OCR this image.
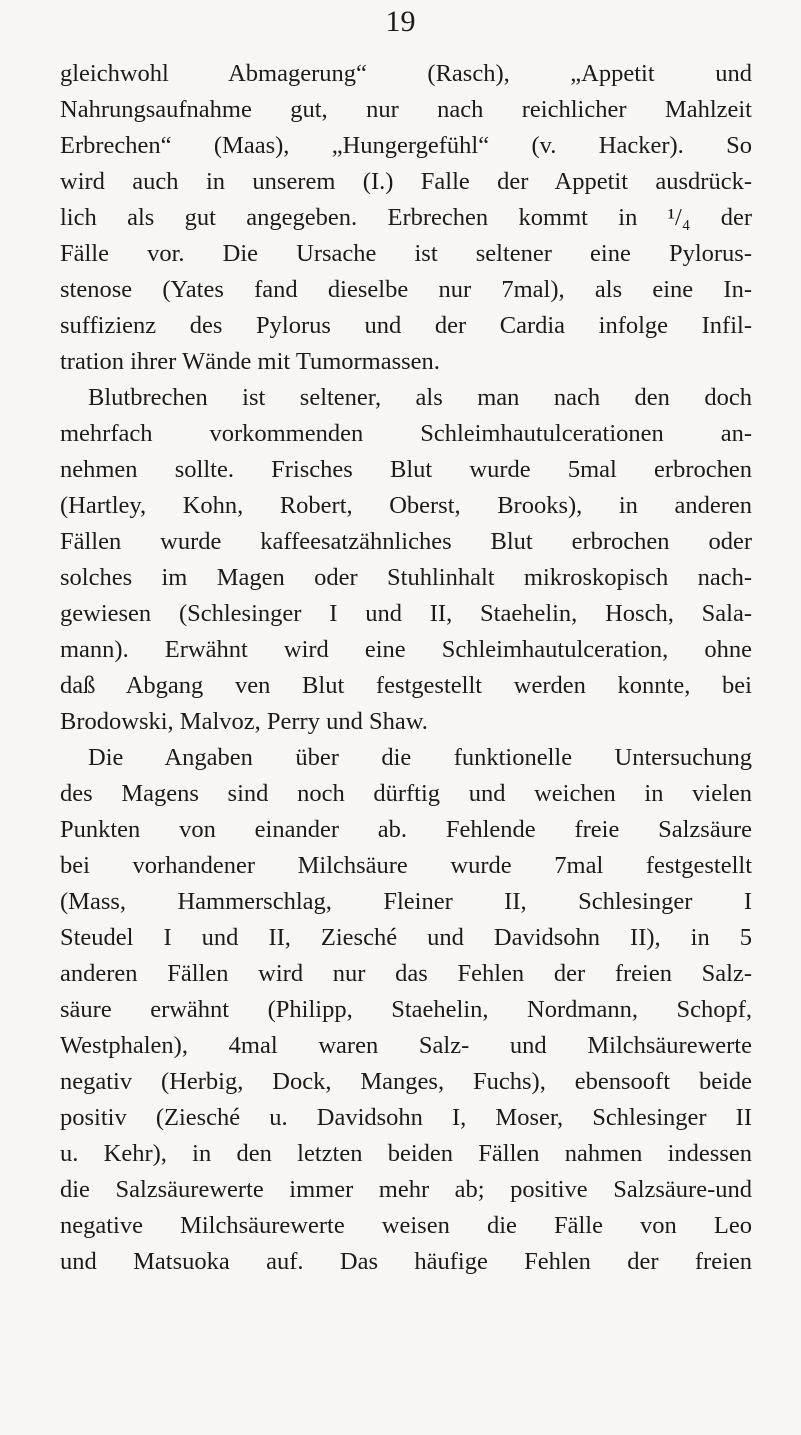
19
gleichwohl Abmagerung“ (Rasch), „Appetit und
Nahrungsaufnahme gut, nur nach reichlicher Mahlzeit
Erbrechen“ (Maas), „Hungergefühl“ (v. Hacker). So
wird auch in unserem (I.) Falle der Appetit ausdrück-
lich als gut angegeben. Erbrechen kommt in ¹/₄ der
Fälle vor. Die Ursache ist seltener eine Pylorus-
stenose (Yates fand dieselbe nur 7mal), als eine In-
suffizienz des Pylorus und der Cardia infolge Infil-
tration ihrer Wände mit Tumormassen.
Blutbrechen ist seltener, als man nach den doch
mehrfach vorkommenden Schleimhautulcerationen an-
nehmen sollte. Frisches Blut wurde 5mal erbrochen
(Hartley, Kohn, Robert, Oberst, Brooks), in anderen
Fällen wurde kaffeesatzähnliches Blut erbrochen oder
solches im Magen oder Stuhlinhalt mikroskopisch nach-
gewiesen (Schlesinger I und II, Staehelin, Hosch, Sala-
mann). Erwähnt wird eine Schleimhautulceration, ohne
daß Abgang ven Blut festgestellt werden konnte, bei
Brodowski, Malvoz, Perry und Shaw.
Die Angaben über die funktionelle Untersuchung
des Magens sind noch dürftig und weichen in vielen
Punkten von einander ab. Fehlende freie Salzsäure
bei vorhandener Milchsäure wurde 7mal festgestellt
(Mass, Hammerschlag, Fleiner II, Schlesinger I
Steudel I und II, Ziesché und Davidsohn II), in 5
anderen Fällen wird nur das Fehlen der freien Salz-
säure erwähnt (Philipp, Staehelin, Nordmann, Schopf,
Westphalen), 4mal waren Salz- und Milchsäurewerte
negativ (Herbig, Dock, Manges, Fuchs), ebensooft beide
positiv (Ziesché u. Davidsohn I, Moser, Schlesinger II
u. Kehr), in den letzten beiden Fällen nahmen indessen
die Salzsäurewerte immer mehr ab; positive Salzsäure-und
negative Milchsäurewerte weisen die Fälle von Leo
und Matsuoka auf. Das häufige Fehlen der freien
